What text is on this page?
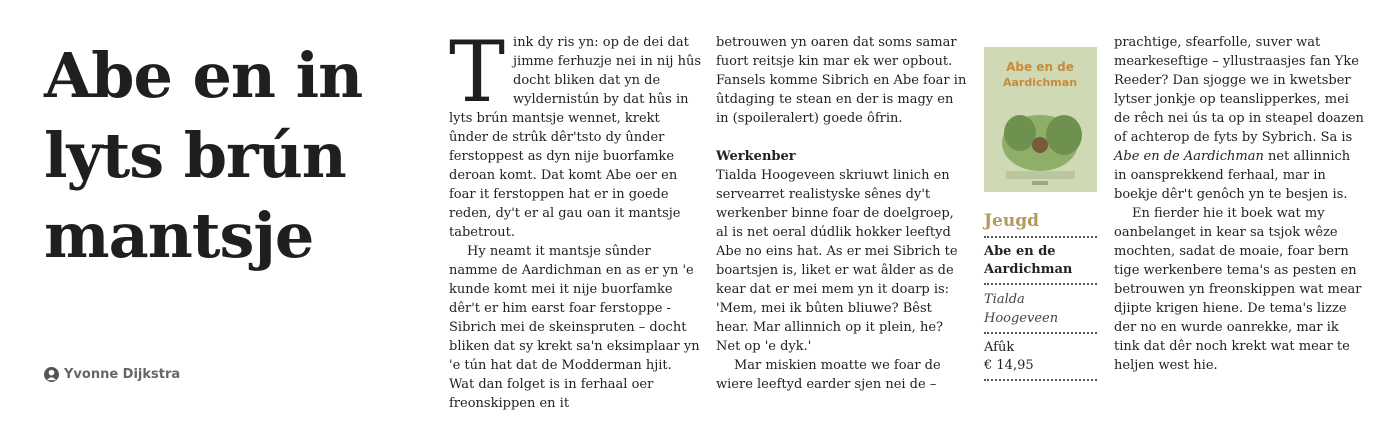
Abe en in
lyts brún
mantsje
Yvonne Dijkstra

Tink dy ris yn: op de dei dat jimme ferhuzje nei in nij hûs docht bliken dat yn de wyldernistún by dat hûs in lyts brún mantsje wennet, krekt ûnder de strûk dêr'tsto dy ûnder ferstoppest as dyn nije buorfamke deroan komt. Dat komt Abe oer en foar it ferstoppen hat er in goede reden, dy't er al gau oan it mantsje tabetrout.

Hy neamt it mantsje sûnder namme de Aardichman en as er yn 'e kunde komt mei it nije buorfamke dêr't er him earst foar ferstoppe - Sibrich mei de skeinspruten – docht bliken dat sy krekt sa'n eksimplaar yn 'e tún hat dat de Modderman hjit. Wat dan folget is in ferhaal oer freonskippen en it

betrouwen yn oaren dat soms samar fuort reitsje kin mar ek wer opbout. Fansels komme Sibrich en Abe foar in ûtdaging te stean en der is magy en in (spoileralert) goede ôfrin.

Werkenber

Tialda Hoogeveen skriuwt linich en servearret realistyske sênes dy't werkenber binne foar de doelgroep, al is net oeral dúdlik hokker leeftyd Abe no eins hat. As er mei Sibrich te boartsjen is, liket er wat âlder as de kear dat er mei mem yn it doarp is: 'Mem, mei ik bûten bliuwe? Bêst hear. Mar allinnich op it plein, he? Net op 'e dyk.'

Mar miskien moatte we foar de wiere leeftyd earder sjen nei de –

Abe en de
Aardichman
Jeugd
Abe en de Aardichman
Tialda Hoogeveen
Afûk
€ 14,95

prachtige, sfearfolle, suver wat mearkeseftige – yllustraasjes fan Yke Reeder? Dan sjogge we in kwetsber lytser jonkje op teanslipperkes, mei de rêch nei ús ta op in steapel doazen of achterop de fyts by Sybrich. Sa is Abe en de Aardichman net allinnich in oansprekkend ferhaal, mar in boekje dêr't genôch yn te besjen is.

En fierder hie it boek wat my oanbelanget in kear sa tsjok wêze mochten, sadat de moaie, foar bern tige werkenbere tema's as pesten en betrouwen yn freonskippen wat mear djipte krigen hiene. De tema's lizze der no en wurde oanrekke, mar ik tink dat dêr noch krekt wat mear te heljen west hie.
